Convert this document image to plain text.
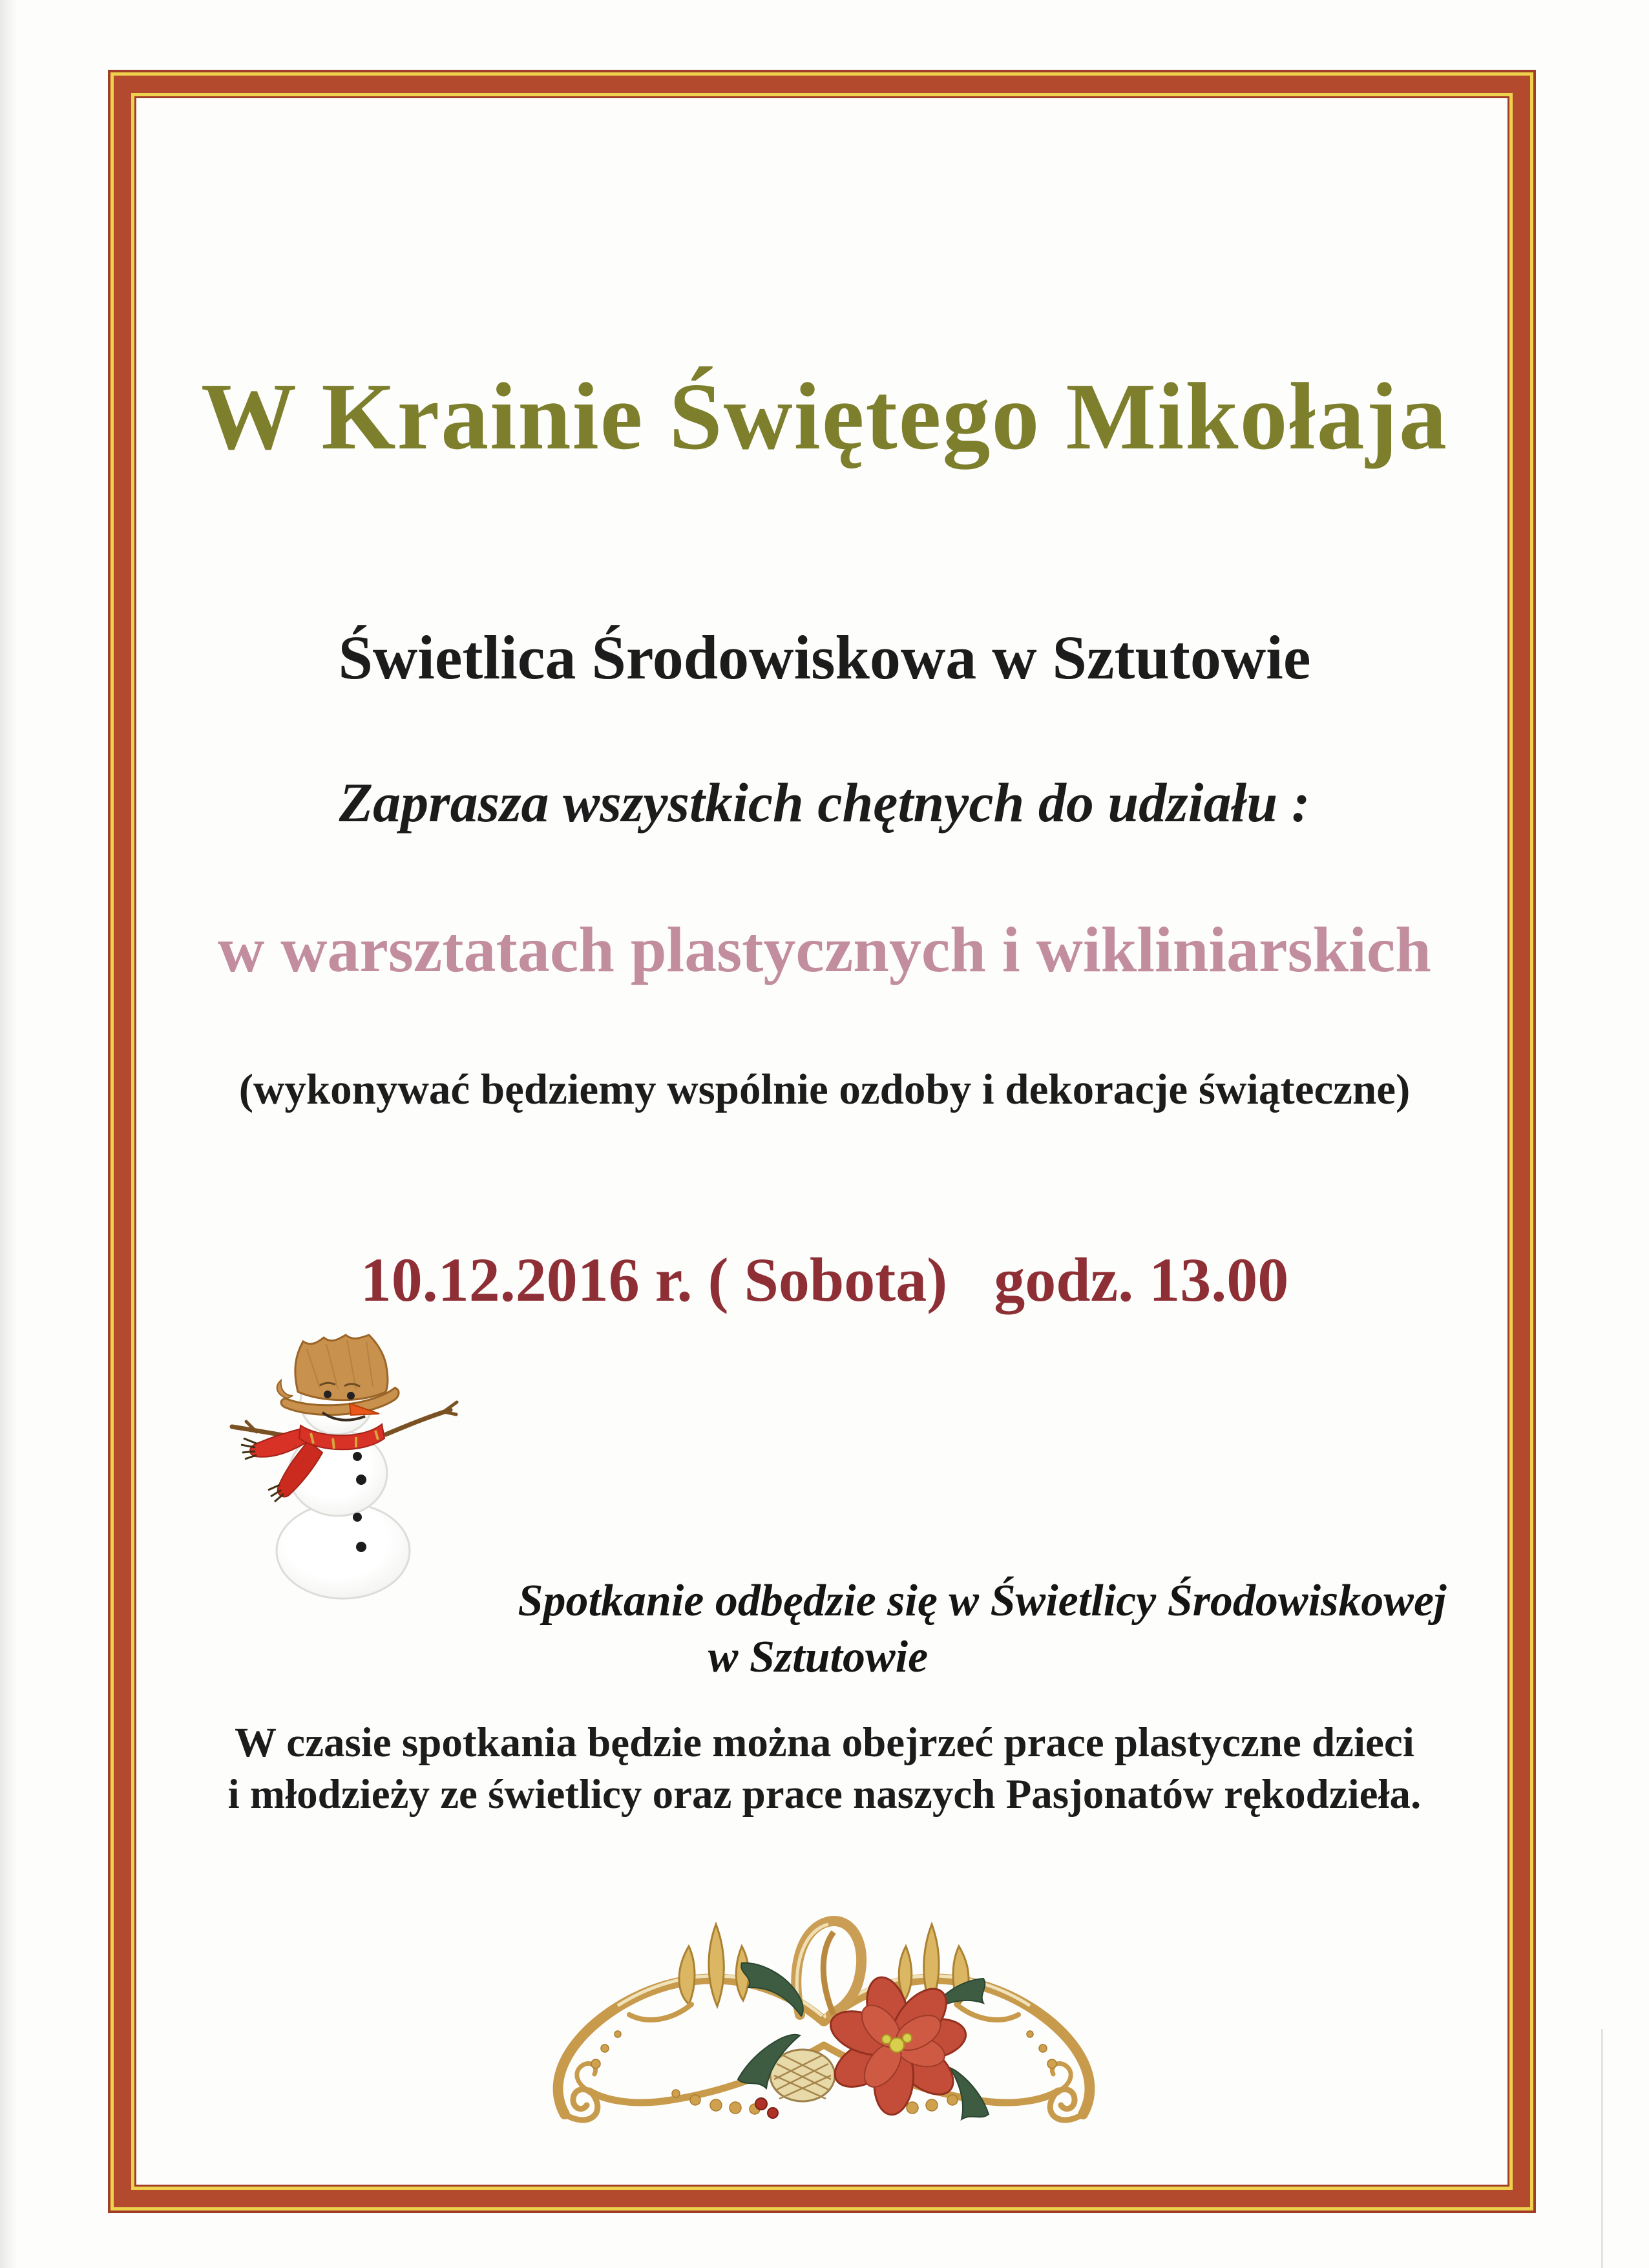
W Krainie Świętego Mikołaja
Świetlica Środowiskowa w Sztutowie
Zaprasza wszystkich chętnych do udziału :
w warsztatach plastycznych i wikliniarskich
(wykonywać będziemy wspólnie ozdoby i dekoracje świąteczne)
10.12.2016 r. ( Sobota)   godz. 13.00
Spotkanie odbędzie się w Świetlicy Środowiskowej
w Sztutowie
W czasie spotkania będzie można obejrzeć prace plastyczne dzieci
i młodzieży ze świetlicy oraz prace naszych Pasjonatów rękodzieła.
